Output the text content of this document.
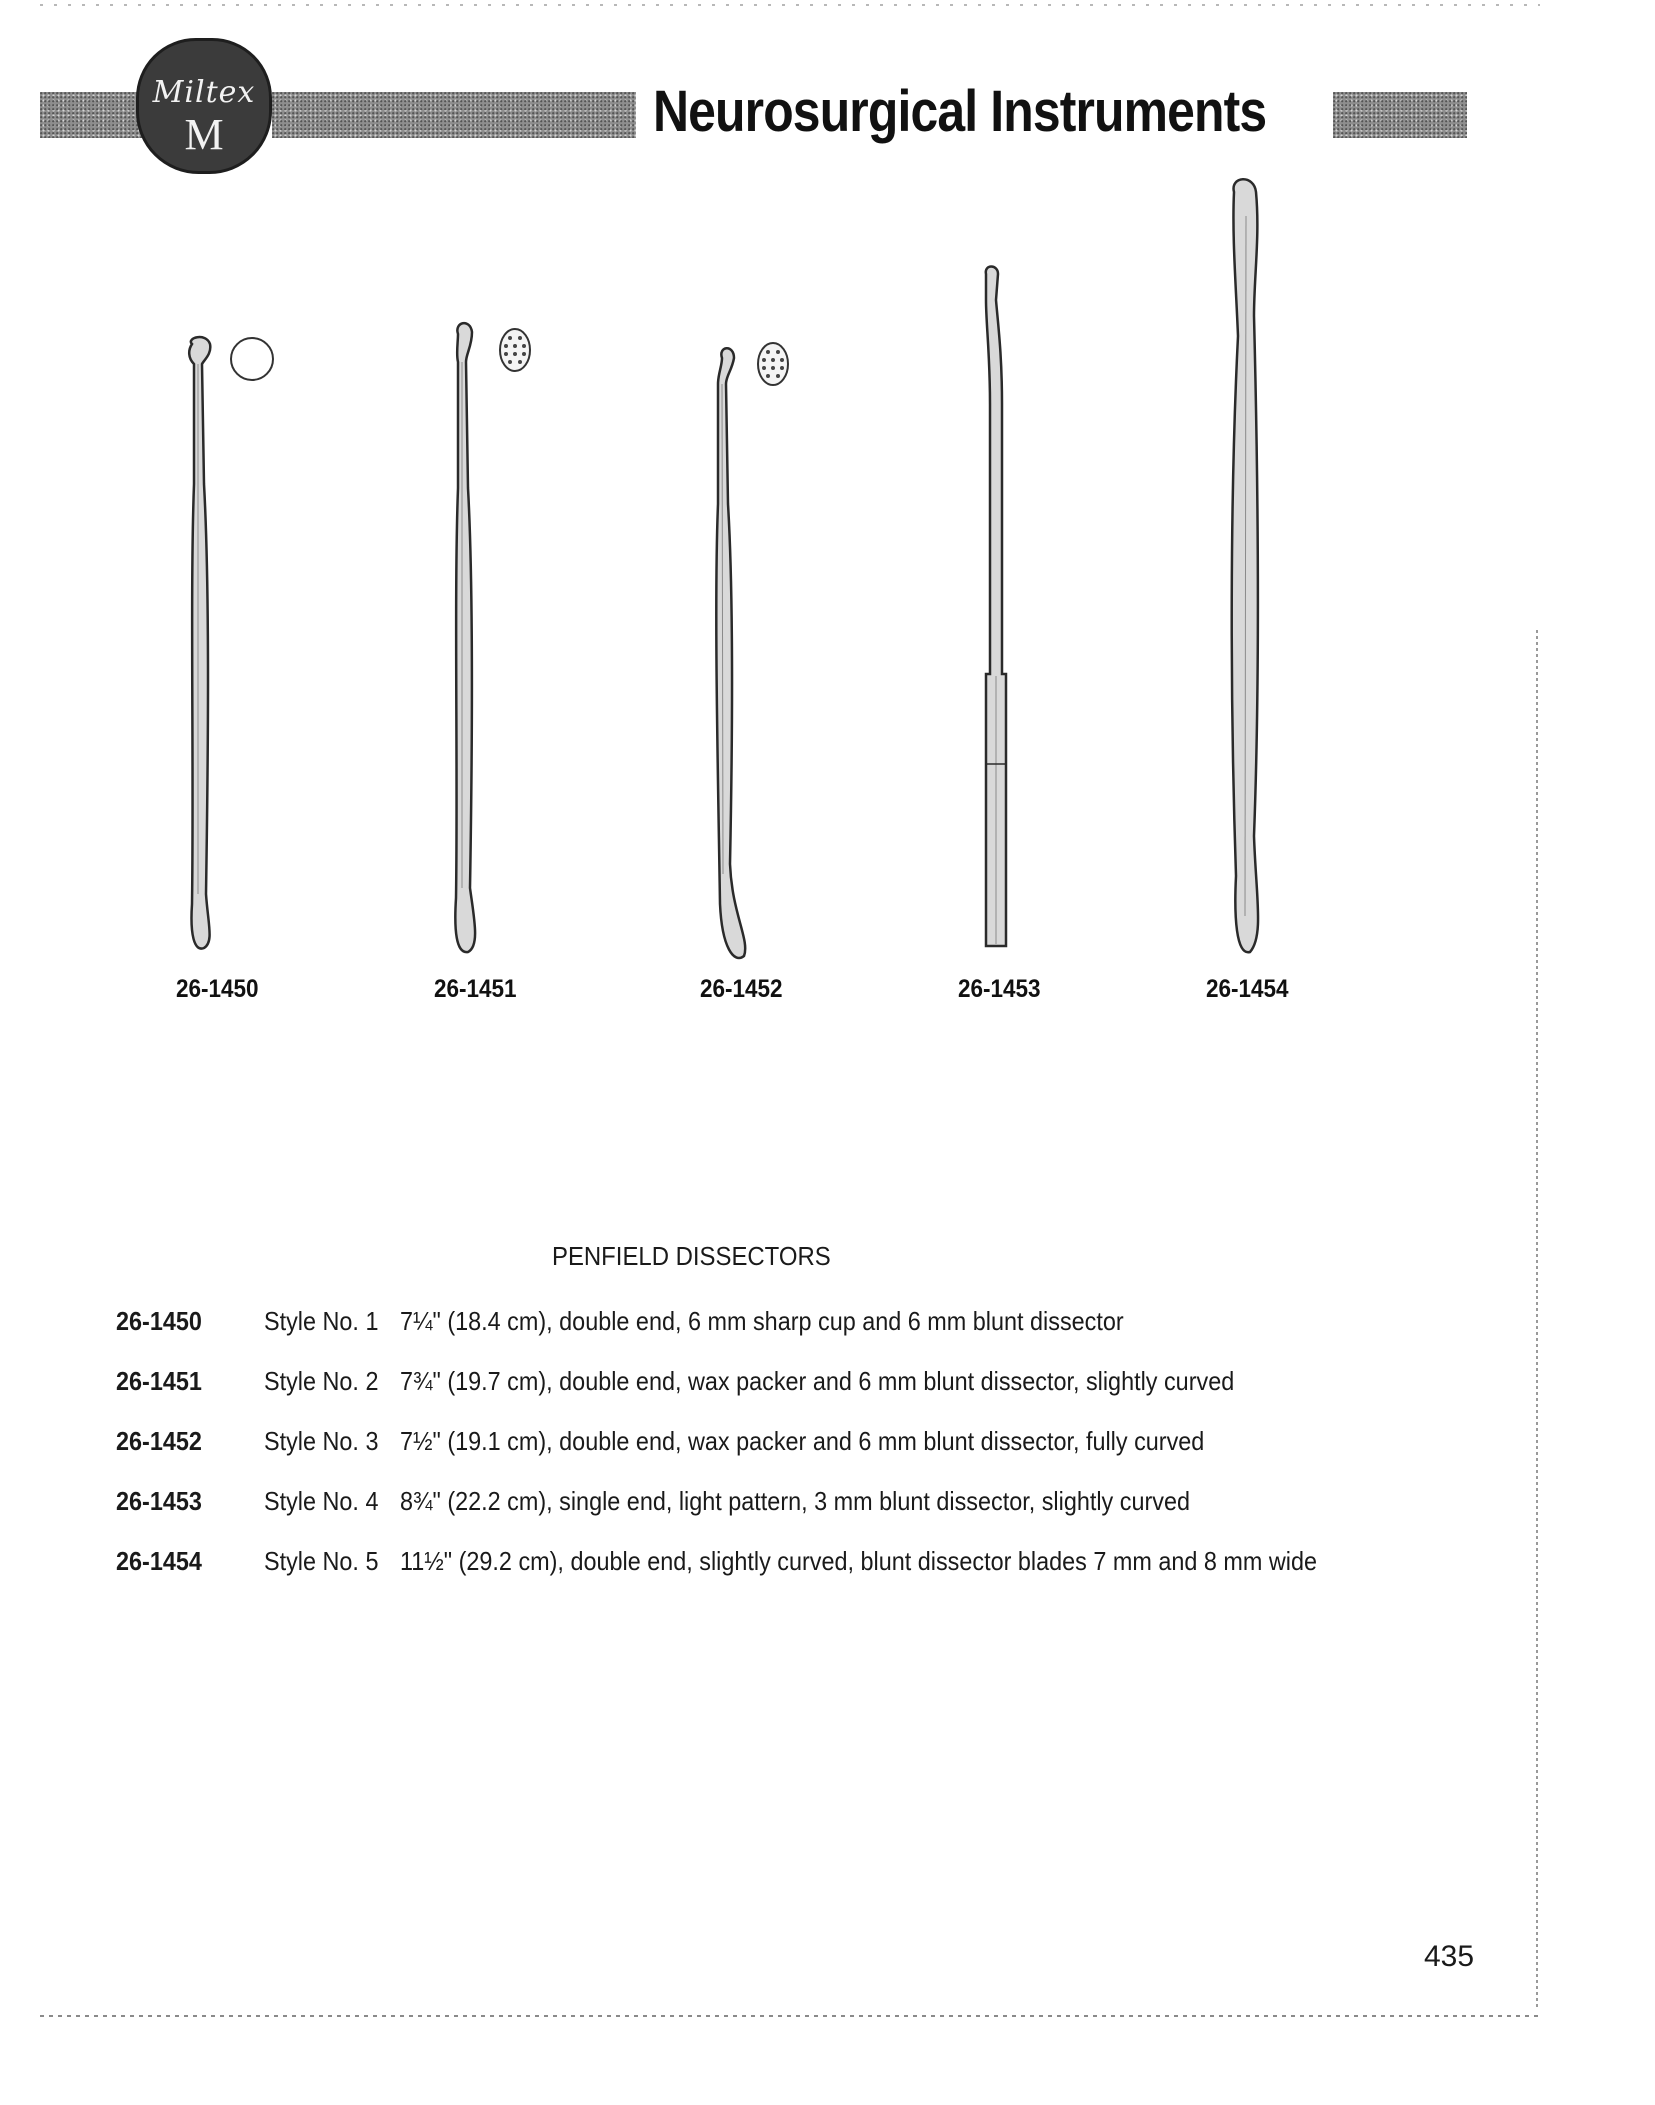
Miltex
M	Neurosurgical Instruments
26-1450	26-1451	26-1452	26-1453	26-1454
PENFIELD DISSECTORS
26-1450 Style No. 1 7¼" (18.4 cm), double end, 6 mm sharp cup and 6 mm blunt dissector
26-1451 Style No. 2 7¾" (19.7 cm), double end, wax packer and 6 mm blunt dissector, slightly curved
26-1452 Style No. 3 7½" (19.1 cm), double end, wax packer and 6 mm blunt dissector, fully curved
26-1453 Style No. 4 8¾" (22.2 cm), single end, light pattern, 3 mm blunt dissector, slightly curved
26-1454 Style No. 5 11½" (29.2 cm), double end, slightly curved, blunt dissector blades 7 mm and 8 mm wide
435
